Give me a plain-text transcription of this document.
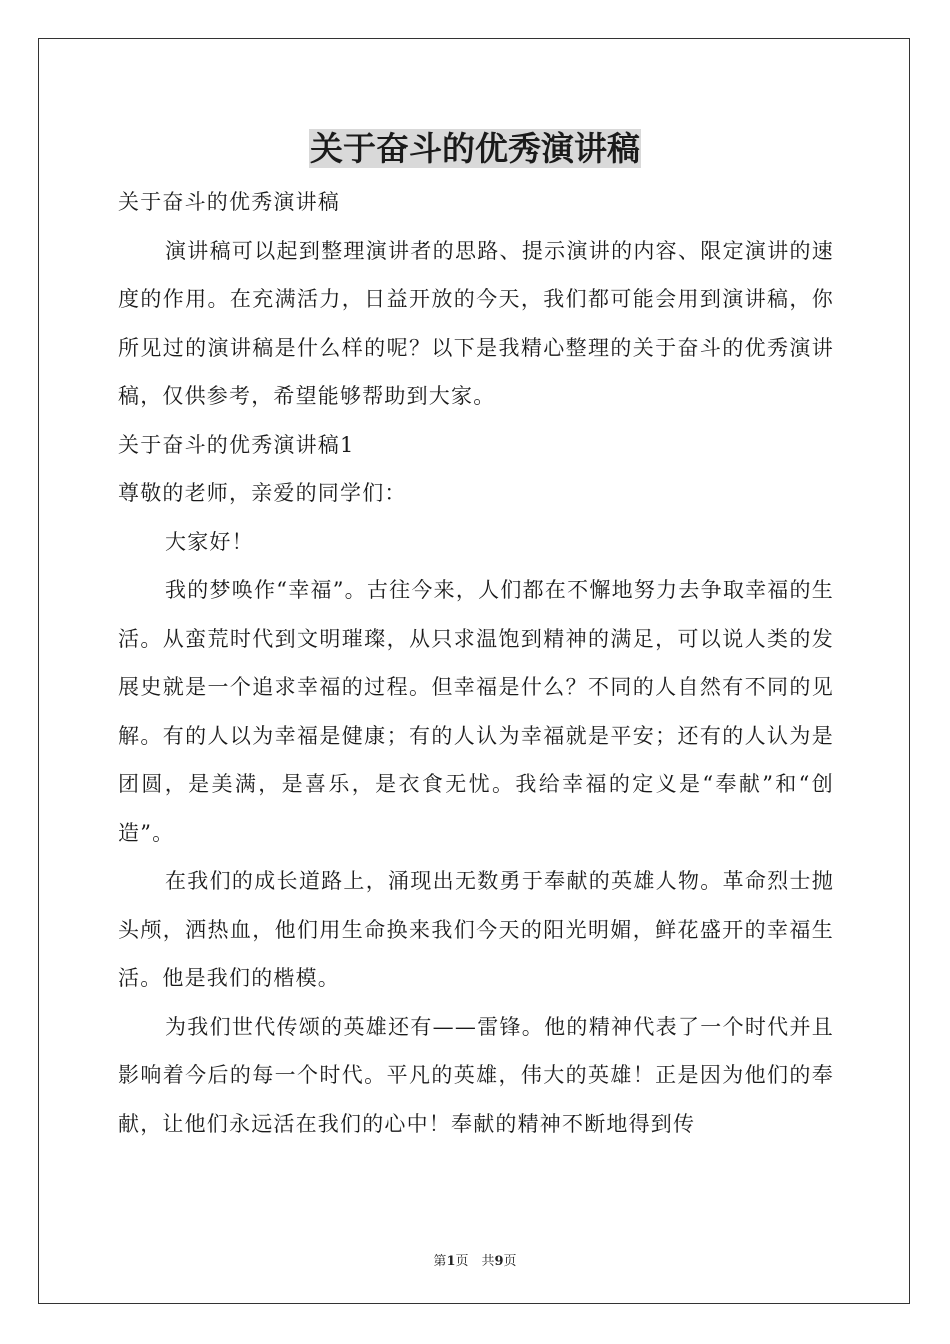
关于奋斗的优秀演讲稿

关于奋斗的优秀演讲稿

演讲稿可以起到整理演讲者的思路、提示演讲的内容、限定演讲的速度的作用。在充满活力，日益开放的今天，我们都可能会用到演讲稿，你所见过的演讲稿是什么样的呢？以下是我精心整理的关于奋斗的优秀演讲稿，仅供参考，希望能够帮助到大家。

关于奋斗的优秀演讲稿1

尊敬的老师，亲爱的同学们：

大家好！

我的梦唤作“幸福”。古往今来，人们都在不懈地努力去争取幸福的生活。从蛮荒时代到文明璀璨，从只求温饱到精神的满足，可以说人类的发展史就是一个追求幸福的过程。但幸福是什么？不同的人自然有不同的见解。有的人以为幸福是健康；有的人认为幸福就是平安；还有的人认为是团圆，是美满，是喜乐，是衣食无忧。我给幸福的定义是“奉献”和“创造”。

在我们的成长道路上，涌现出无数勇于奉献的英雄人物。革命烈士抛头颅，洒热血，他们用生命换来我们今天的阳光明媚，鲜花盛开的幸福生活。他是我们的楷模。

为我们世代传颂的英雄还有——雷锋。他的精神代表了一个时代并且影响着今后的每一个时代。平凡的英雄，伟大的英雄！正是因为他们的奉献，让他们永远活在我们的心中！奉献的精神不断地得到传

第1页　共9页
